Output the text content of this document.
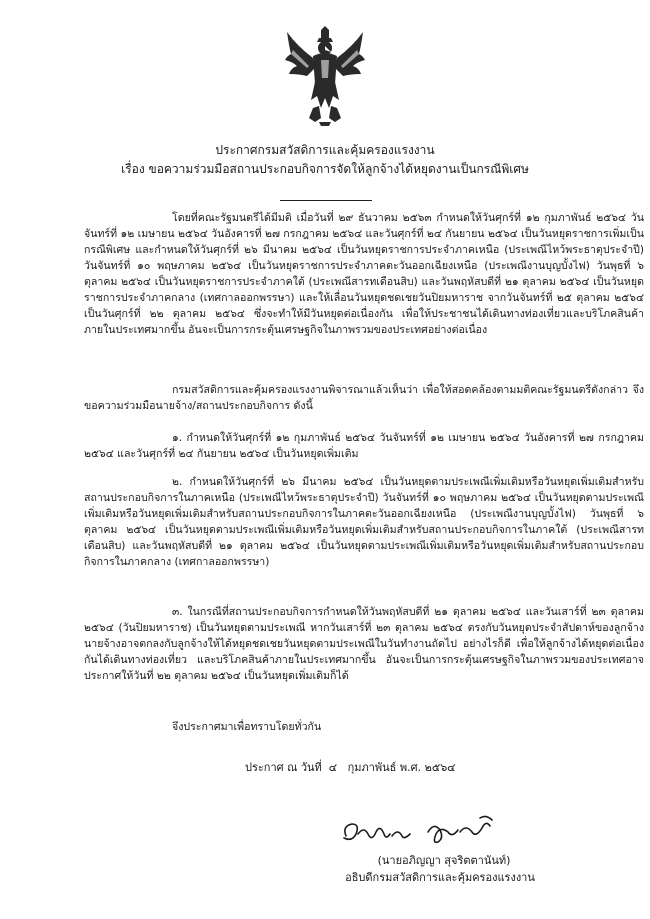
ประกาศกรมสวัสดิการและคุ้มครองแรงงาน
เรื่อง ขอความร่วมมือสถานประกอบกิจการจัดให้ลูกจ้างได้หยุดงานเป็นกรณีพิเศษ

โดยที่คณะรัฐมนตรีได้มีมติ เมื่อวันที่ ๒๙ ธันวาคม ๒๕๖๓ กำหนดให้วันศุกร์ที่ ๑๒ กุมภาพันธ์ ๒๕๖๔ วันจันทร์ที่ ๑๒ เมษายน ๒๕๖๔ วันอังคารที่ ๒๗ กรกฎาคม ๒๕๖๔ และวันศุกร์ที่ ๒๔ กันยายน ๒๕๖๔ เป็นวันหยุดราชการเพิ่มเป็นกรณีพิเศษ และกำหนดให้วันศุกร์ที่ ๒๖ มีนาคม ๒๕๖๔ เป็นวันหยุดราชการประจำภาคเหนือ (ประเพณีไหว้พระธาตุประจำปี) วันจันทร์ที่ ๑๐ พฤษภาคม ๒๕๖๔ เป็นวันหยุดราชการประจำภาคตะวันออกเฉียงเหนือ (ประเพณีงานบุญบั้งไฟ) วันพุธที่ ๖ ตุลาคม ๒๕๖๔ เป็นวันหยุดราชการประจำภาคใต้ (ประเพณีสารทเดือนสิบ) และวันพฤหัสบดีที่ ๒๑ ตุลาคม ๒๕๖๔ เป็นวันหยุดราชการประจำภาคกลาง (เทศกาลออกพรรษา) และให้เลื่อนวันหยุดชดเชยวันปิยมหาราช จากวันจันทร์ที่ ๒๕ ตุลาคม ๒๕๖๔ เป็นวันศุกร์ที่ ๒๒ ตุลาคม ๒๕๖๔ ซึ่งจะทำให้มีวันหยุดต่อเนื่องกัน เพื่อให้ประชาชนได้เดินทางท่องเที่ยวและบริโภคสินค้าภายในประเทศมากขึ้น อันจะเป็นการกระตุ้นเศรษฐกิจในภาพรวมของประเทศอย่างต่อเนื่อง

กรมสวัสดิการและคุ้มครองแรงงานพิจารณาแล้วเห็นว่า เพื่อให้สอดคล้องตามมติคณะรัฐมนตรีดังกล่าว จึงขอความร่วมมือนายจ้าง/สถานประกอบกิจการ ดังนี้

๑. กำหนดให้วันศุกร์ที่ ๑๒ กุมภาพันธ์ ๒๕๖๔ วันจันทร์ที่ ๑๒ เมษายน ๒๕๖๔ วันอังคารที่ ๒๗ กรกฎาคม ๒๕๖๔ และวันศุกร์ที่ ๒๔ กันยายน ๒๕๖๔ เป็นวันหยุดเพิ่มเติม

๒. กำหนดให้วันศุกร์ที่ ๒๖ มีนาคม ๒๕๖๔ เป็นวันหยุดตามประเพณีเพิ่มเติมหรือวันหยุดเพิ่มเติมสำหรับสถานประกอบกิจการในภาคเหนือ (ประเพณีไหว้พระธาตุประจำปี) วันจันทร์ที่ ๑๐ พฤษภาคม ๒๕๖๔ เป็นวันหยุดตามประเพณีเพิ่มเติมหรือวันหยุดเพิ่มเติมสำหรับสถานประกอบกิจการในภาคตะวันออกเฉียงเหนือ (ประเพณีงานบุญบั้งไฟ) วันพุธที่ ๖ ตุลาคม ๒๕๖๔ เป็นวันหยุดตามประเพณีเพิ่มเติมหรือวันหยุดเพิ่มเติมสำหรับสถานประกอบกิจการในภาคใต้ (ประเพณีสารทเดือนสิบ) และวันพฤหัสบดีที่ ๒๑ ตุลาคม ๒๕๖๔ เป็นวันหยุดตามประเพณีเพิ่มเติมหรือวันหยุดเพิ่มเติมสำหรับสถานประกอบกิจการในภาคกลาง (เทศกาลออกพรรษา)

๓. ในกรณีที่สถานประกอบกิจการกำหนดให้วันพฤหัสบดีที่ ๒๑ ตุลาคม ๒๕๖๔ และวันเสาร์ที่ ๒๓ ตุลาคม ๒๕๖๔ (วันปิยมหาราช) เป็นวันหยุดตามประเพณี หากวันเสาร์ที่ ๒๓ ตุลาคม ๒๕๖๔ ตรงกับวันหยุดประจำสัปดาห์ของลูกจ้าง นายจ้างอาจตกลงกับลูกจ้างให้ได้หยุดชดเชยวันหยุดตามประเพณีในวันทำงานถัดไป อย่างไรก็ดี เพื่อให้ลูกจ้างได้หยุดต่อเนื่องกันได้เดินทางท่องเที่ยว และบริโภคสินค้าภายในประเทศมากขึ้น อันจะเป็นการกระตุ้นเศรษฐกิจในภาพรวมของประเทศอาจประกาศให้วันที่ ๒๒ ตุลาคม ๒๕๖๔ เป็นวันหยุดเพิ่มเติมก็ได้

จึงประกาศมาเพื่อทราบโดยทั่วกัน

ประกาศ ณ วันที่  ๔   กุมภาพันธ์ พ.ศ. ๒๕๖๔
(นายอภิญญา สุจริตตานันท์)
อธิบดีกรมสวัสดิการและคุ้มครองแรงงาน
